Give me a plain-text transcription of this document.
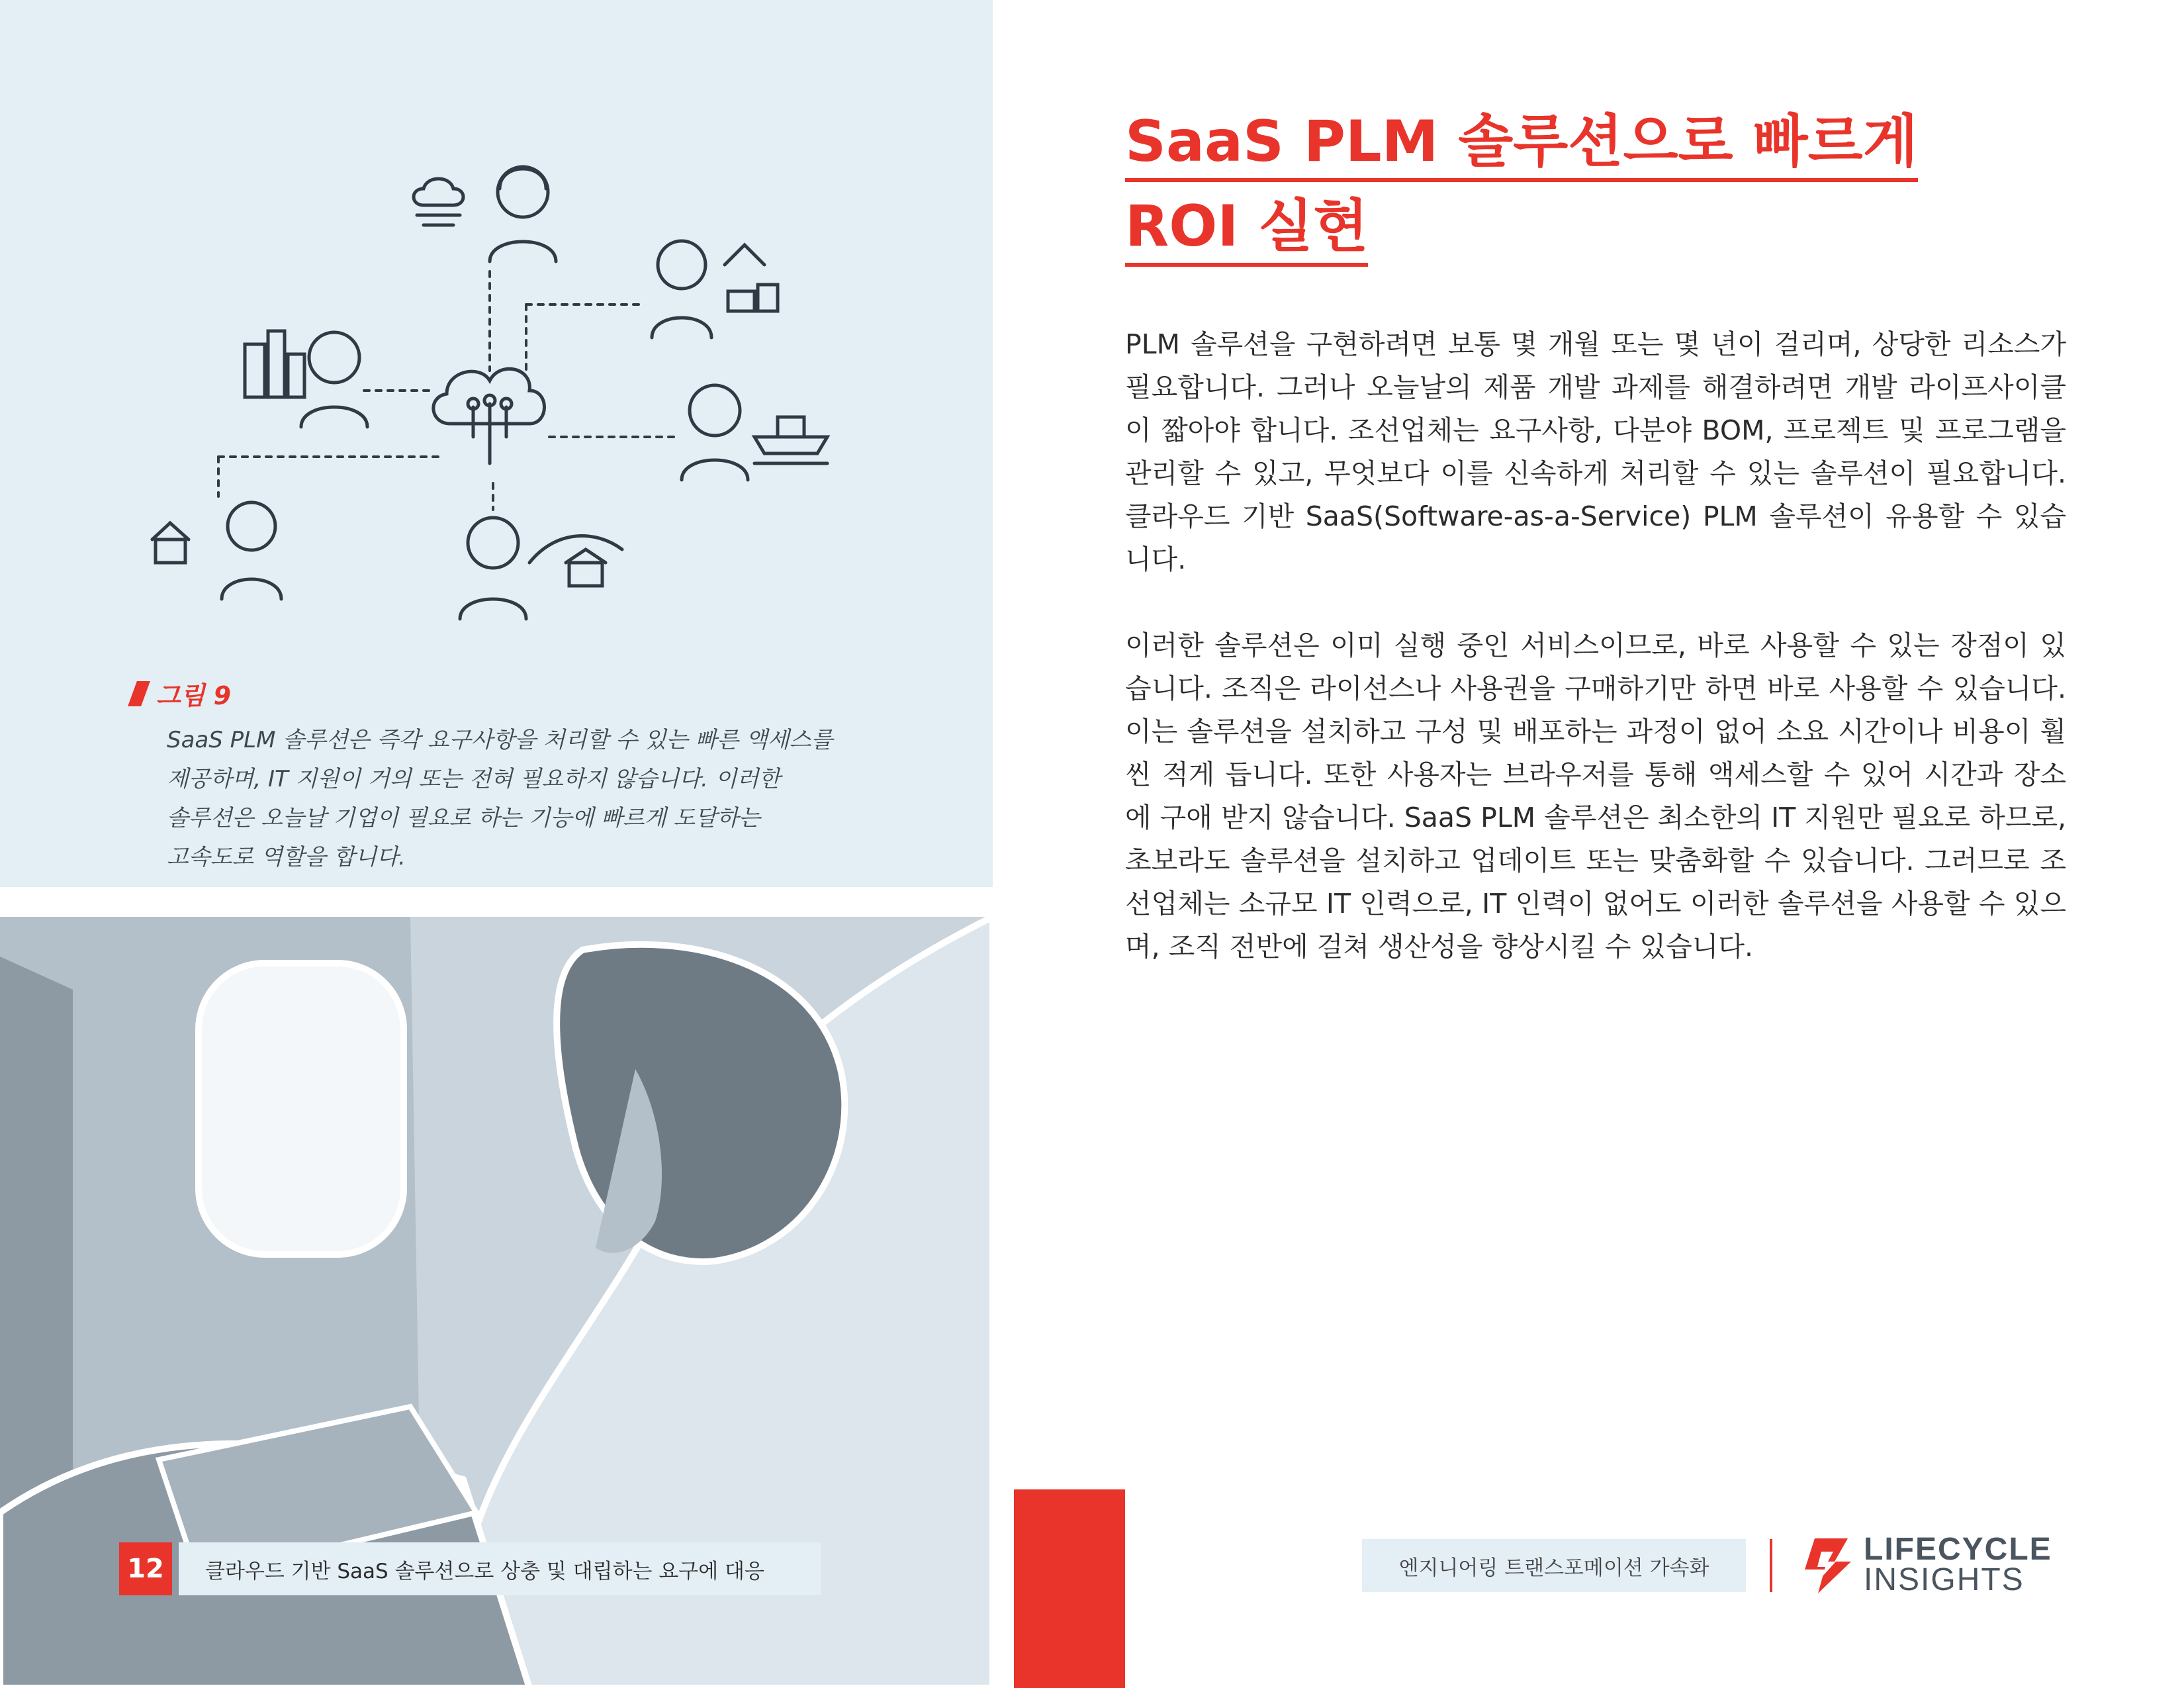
그림 9
SaaS PLM 솔루션은 즉각 요구사항을 처리할 수 있는 빠른 액세스를
제공하며, IT 지원이 거의 또는 전혀 필요하지 않습니다. 이러한
솔루션은 오늘날 기업이 필요로 하는 기능에 빠르게 도달하는
고속도로 역할을 합니다.
12	클라우드 기반 SaaS 솔루션으로 상충 및 대립하는 요구에 대응
SaaS PLM 솔루션으로 빠르게
ROI 실현

PLM 솔루션을 구현하려면 보통 몇 개월 또는 몇 년이 걸리며, 상당한 리소스가 필요합니다. 그러나 오늘날의 제품 개발 과제를 해결하려면 개발 라이프사이클이 짧아야 합니다. 조선업체는 요구사항, 다분야 BOM, 프로젝트 및 프로그램을 관리할 수 있고, 무엇보다 이를 신속하게 처리할 수 있는 솔루션이 필요합니다. 클라우드 기반 SaaS(Software-as-a-Service) PLM 솔루션이 유용할 수 있습니다.

이러한 솔루션은 이미 실행 중인 서비스이므로, 바로 사용할 수 있는 장점이 있습니다. 조직은 라이선스나 사용권을 구매하기만 하면 바로 사용할 수 있습니다. 이는 솔루션을 설치하고 구성 및 배포하는 과정이 없어 소요 시간이나 비용이 훨씬 적게 듭니다. 또한 사용자는 브라우저를 통해 액세스할 수 있어 시간과 장소에 구애 받지 않습니다. SaaS PLM 솔루션은 최소한의 IT 지원만 필요로 하므로, 초보라도 솔루션을 설치하고 업데이트 또는 맞춤화할 수 있습니다. 그러므로 조선업체는 소규모 IT 인력으로, IT 인력이 없어도 이러한 솔루션을 사용할 수 있으며, 조직 전반에 걸쳐 생산성을 향상시킬 수 있습니다.

엔지니어링 트랜스포메이션 가속화
LIFECYCLE
INSIGHTS
